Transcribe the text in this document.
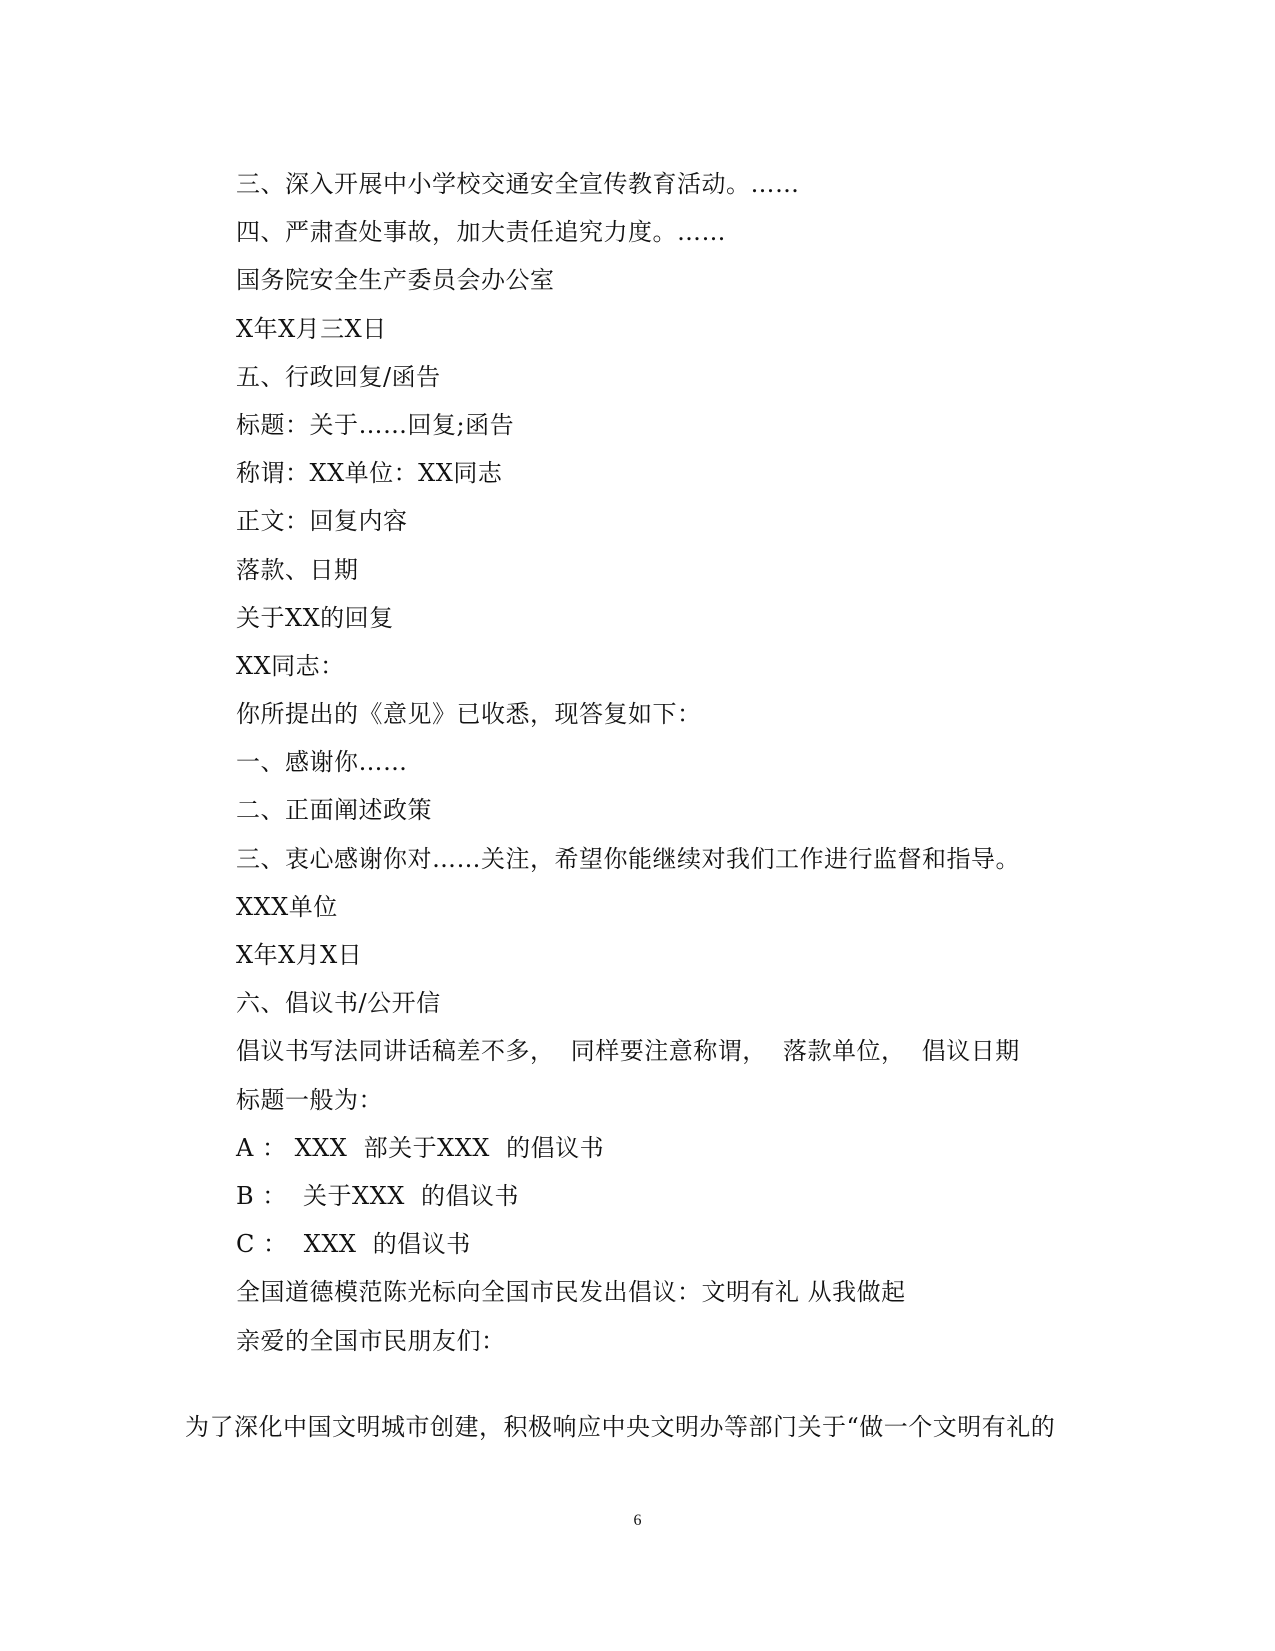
三、深入开展中小学校交通安全宣传教育活动。……
四、严肃查处事故，加大责任追究力度。……
国务院安全生产委员会办公室
X年X月三X日
五、行政回复/函告
标题：关于……回复;函告
称谓：XX单位：XX同志
正文：回复内容
落款、日期
关于XX的回复
XX同志：
你所提出的《意见》已收悉，现答复如下：
一、感谢你……
二、正面阐述政策
三、衷心感谢你对……关注，希望你能继续对我们工作进行监督和指导。
XXX单位
X年X月X日
六、倡议书/公开信
倡议书写法同讲话稿差不多，  同样要注意称谓，  落款单位，  倡议日期
标题一般为：
A ： XXX  部关于XXX  的倡议书
B ：  关于XXX  的倡议书
C ：  XXX  的倡议书
全国道德模范陈光标向全国市民发出倡议：文明有礼 从我做起
亲爱的全国市民朋友们：
为了深化中国文明城市创建，积极响应中央文明办等部门关于“做一个文明有礼的
6
